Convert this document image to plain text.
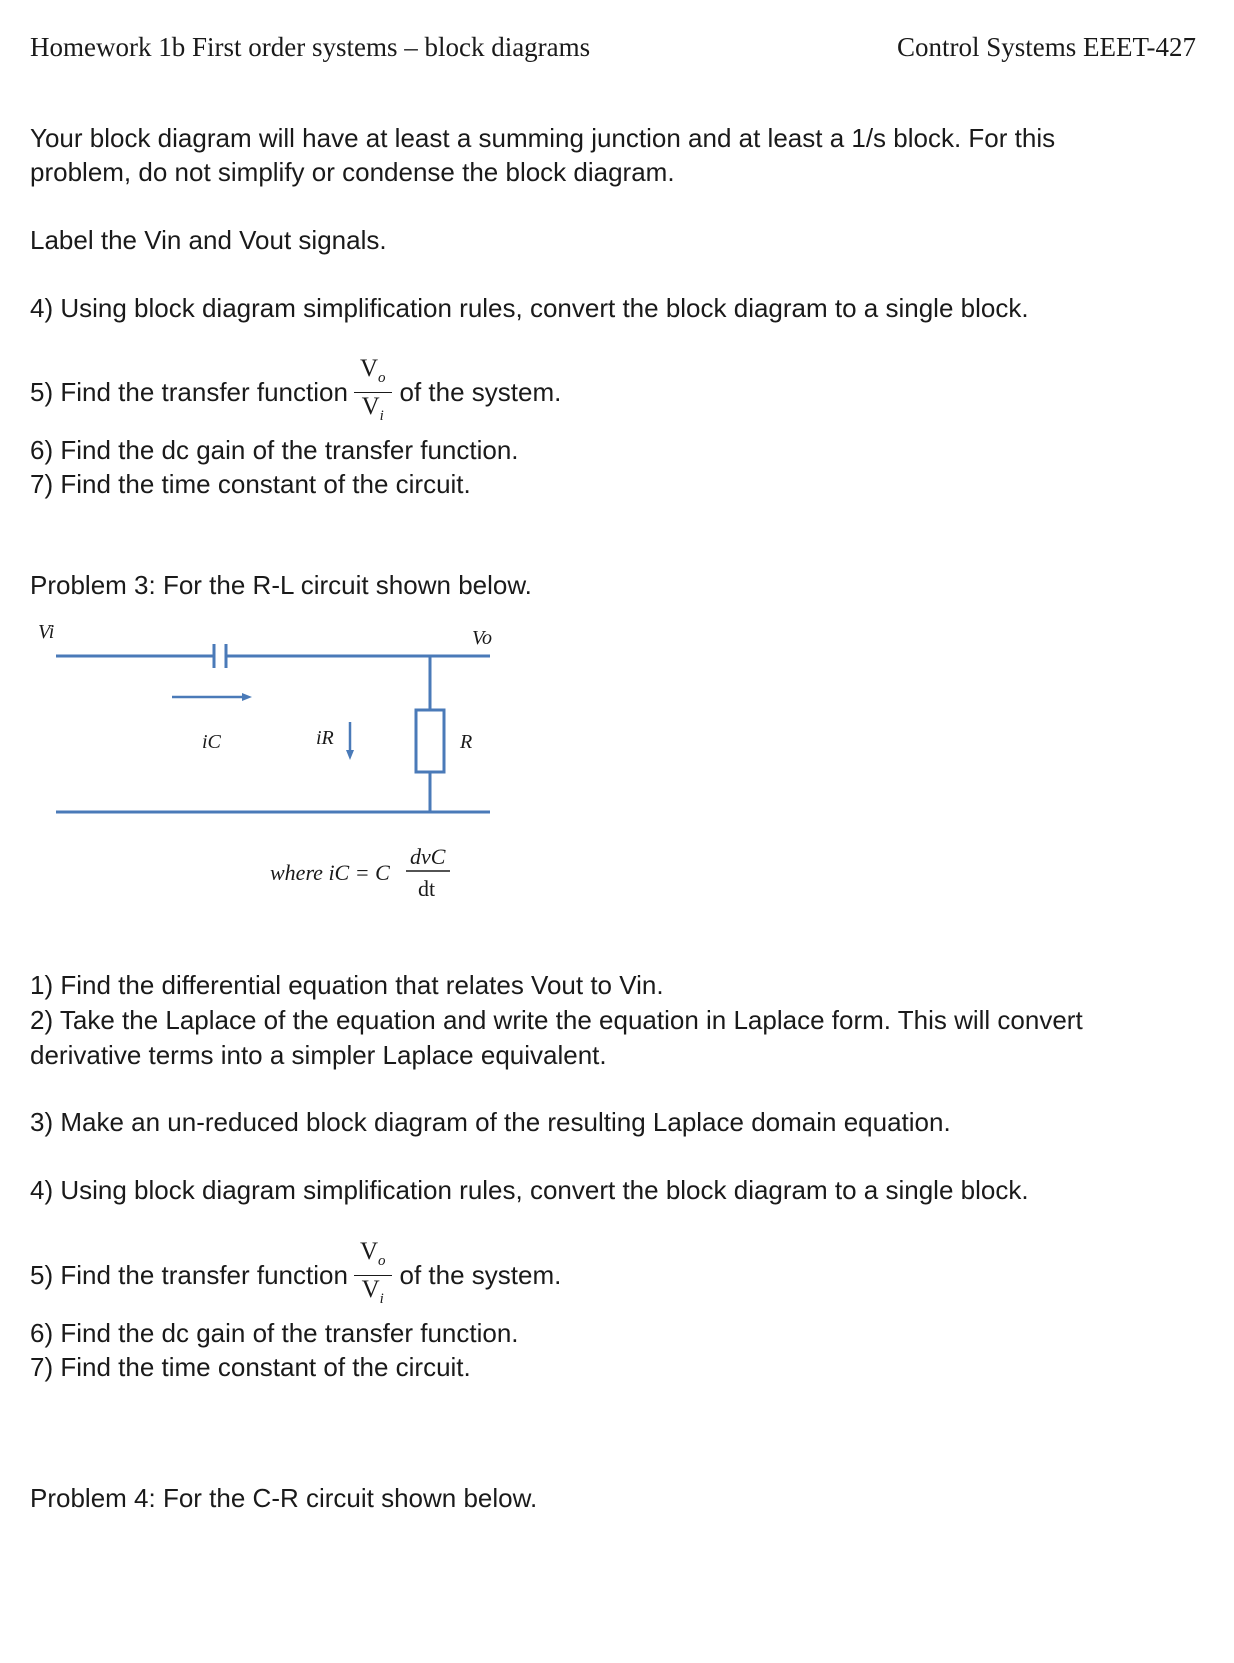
Homework 1b First order systems – block diagrams	Control Systems EEET-427
Your block diagram will have at least a summing junction and at least a 1/s block. For this
problem, do not simplify or condense the block diagram.
Label the Vin and Vout signals.
4) Using block diagram simplification rules, convert the block diagram to a single block.
5) Find the transfer function $\frac{V_o}{V_i}$ of the system.
6) Find the dc gain of the transfer function.
7) Find the time constant of the circuit.
Problem 3: For the R-L circuit shown below.
Vi	Vo
iC	iR	R
where iC = C
dvC
dt
1) Find the differential equation that relates Vout to Vin.
2) Take the Laplace of the equation and write the equation in Laplace form. This will convert
derivative terms into a simpler Laplace equivalent.
3) Make an un-reduced block diagram of the resulting Laplace domain equation.
4) Using block diagram simplification rules, convert the block diagram to a single block.
5) Find the transfer function $\frac{V_o}{V_i}$ of the system.
6) Find the dc gain of the transfer function.
7) Find the time constant of the circuit.
Problem 4: For the C-R circuit shown below.
